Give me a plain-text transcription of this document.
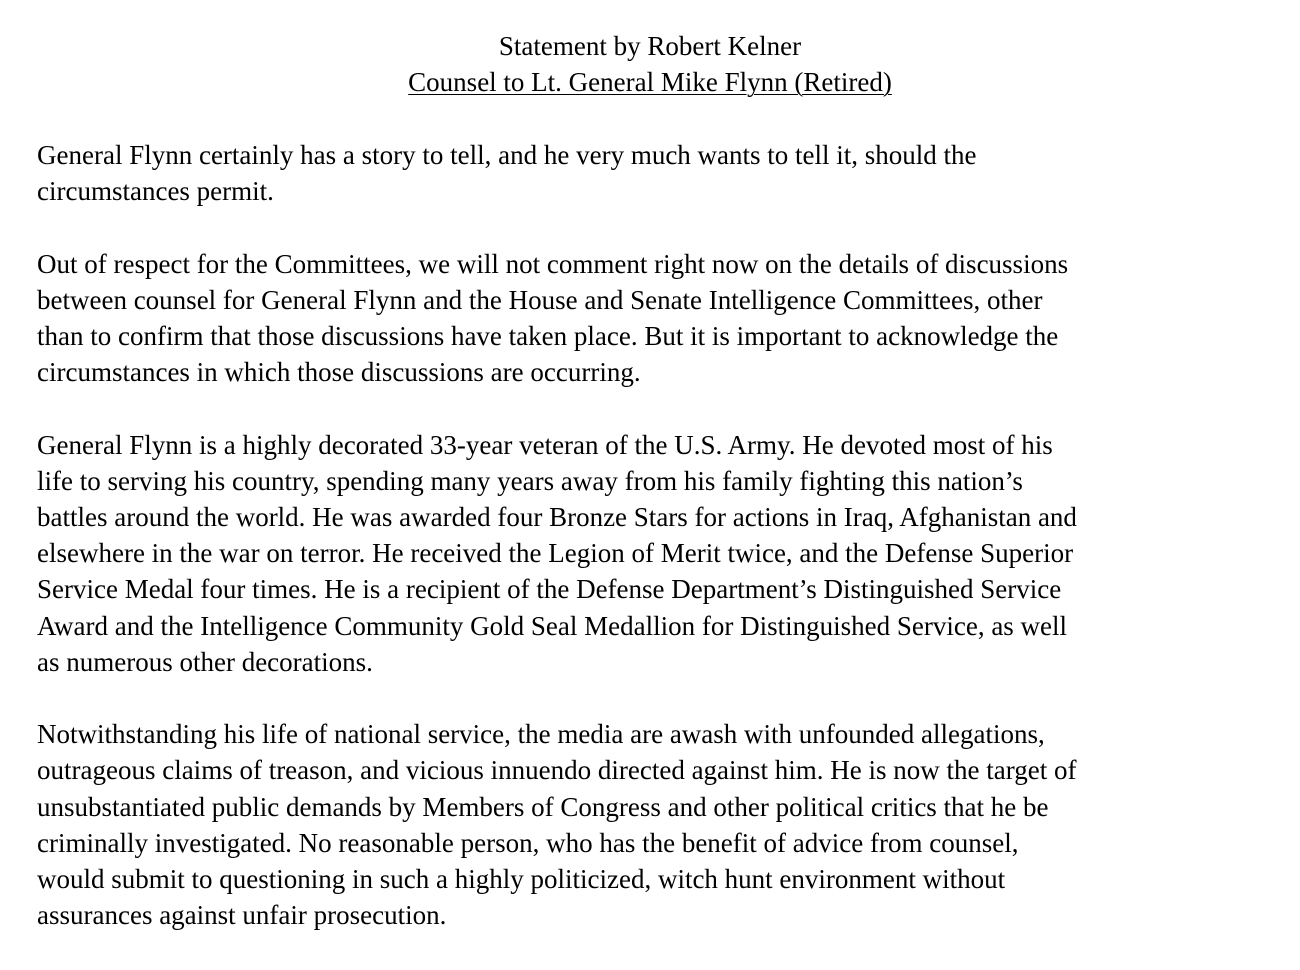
Statement by Robert Kelner
Counsel to Lt. General Mike Flynn (Retired)

General Flynn certainly has a story to tell, and he very much wants to tell it, should the
circumstances permit.

Out of respect for the Committees, we will not comment right now on the details of discussions
between counsel for General Flynn and the House and Senate Intelligence Committees, other
than to confirm that those discussions have taken place. But it is important to acknowledge the
circumstances in which those discussions are occurring.

General Flynn is a highly decorated 33-year veteran of the U.S. Army. He devoted most of his
life to serving his country, spending many years away from his family fighting this nation’s
battles around the world. He was awarded four Bronze Stars for actions in Iraq, Afghanistan and
elsewhere in the war on terror. He received the Legion of Merit twice, and the Defense Superior
Service Medal four times. He is a recipient of the Defense Department’s Distinguished Service
Award and the Intelligence Community Gold Seal Medallion for Distinguished Service, as well
as numerous other decorations.

Notwithstanding his life of national service, the media are awash with unfounded allegations,
outrageous claims of treason, and vicious innuendo directed against him. He is now the target of
unsubstantiated public demands by Members of Congress and other political critics that he be
criminally investigated. No reasonable person, who has the benefit of advice from counsel,
would submit to questioning in such a highly politicized, witch hunt environment without
assurances against unfair prosecution.
